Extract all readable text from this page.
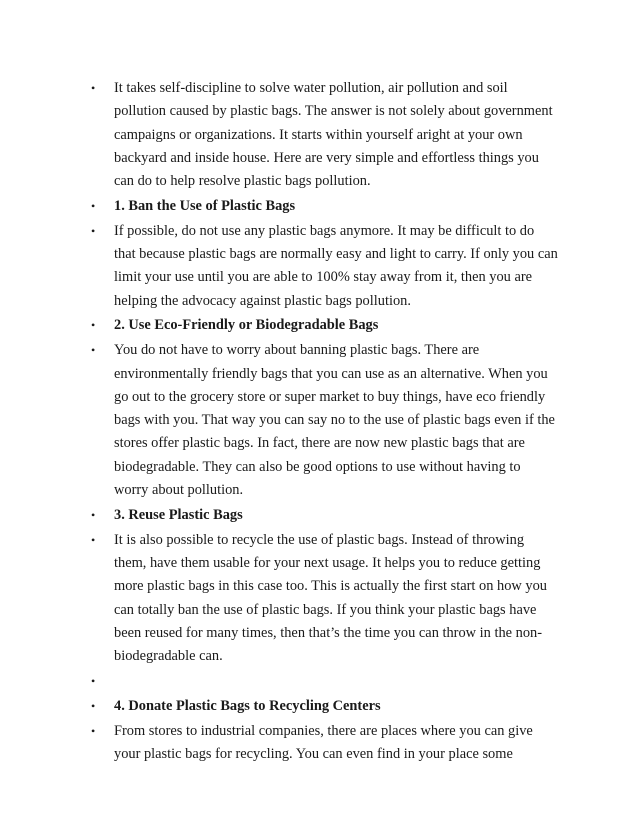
• It takes self-discipline to solve water pollution, air pollution and soil pollution caused by plastic bags. The answer is not solely about government campaigns or organizations. It starts within yourself aright at your own backyard and inside house. Here are very simple and effortless things you can do to help resolve plastic bags pollution.
• 1. Ban the Use of Plastic Bags
• If possible, do not use any plastic bags anymore. It may be difficult to do that because plastic bags are normally easy and light to carry. If only you can limit your use until you are able to 100% stay away from it, then you are helping the advocacy against plastic bags pollution.
• 2. Use Eco-Friendly or Biodegradable Bags
• You do not have to worry about banning plastic bags. There are environmentally friendly bags that you can use as an alternative. When you go out to the grocery store or super market to buy things, have eco friendly bags with you. That way you can say no to the use of plastic bags even if the stores offer plastic bags. In fact, there are now new plastic bags that are biodegradable. They can also be good options to use without having to worry about pollution.
• 3. Reuse Plastic Bags
• It is also possible to recycle the use of plastic bags. Instead of throwing them, have them usable for your next usage. It helps you to reduce getting more plastic bags in this case too. This is actually the first start on how you can totally ban the use of plastic bags. If you think your plastic bags have been reused for many times, then that’s the time you can throw in the non-biodegradable can.
•
• 4. Donate Plastic Bags to Recycling Centers
• From stores to industrial companies, there are places where you can give your plastic bags for recycling. You can even find in your place some
